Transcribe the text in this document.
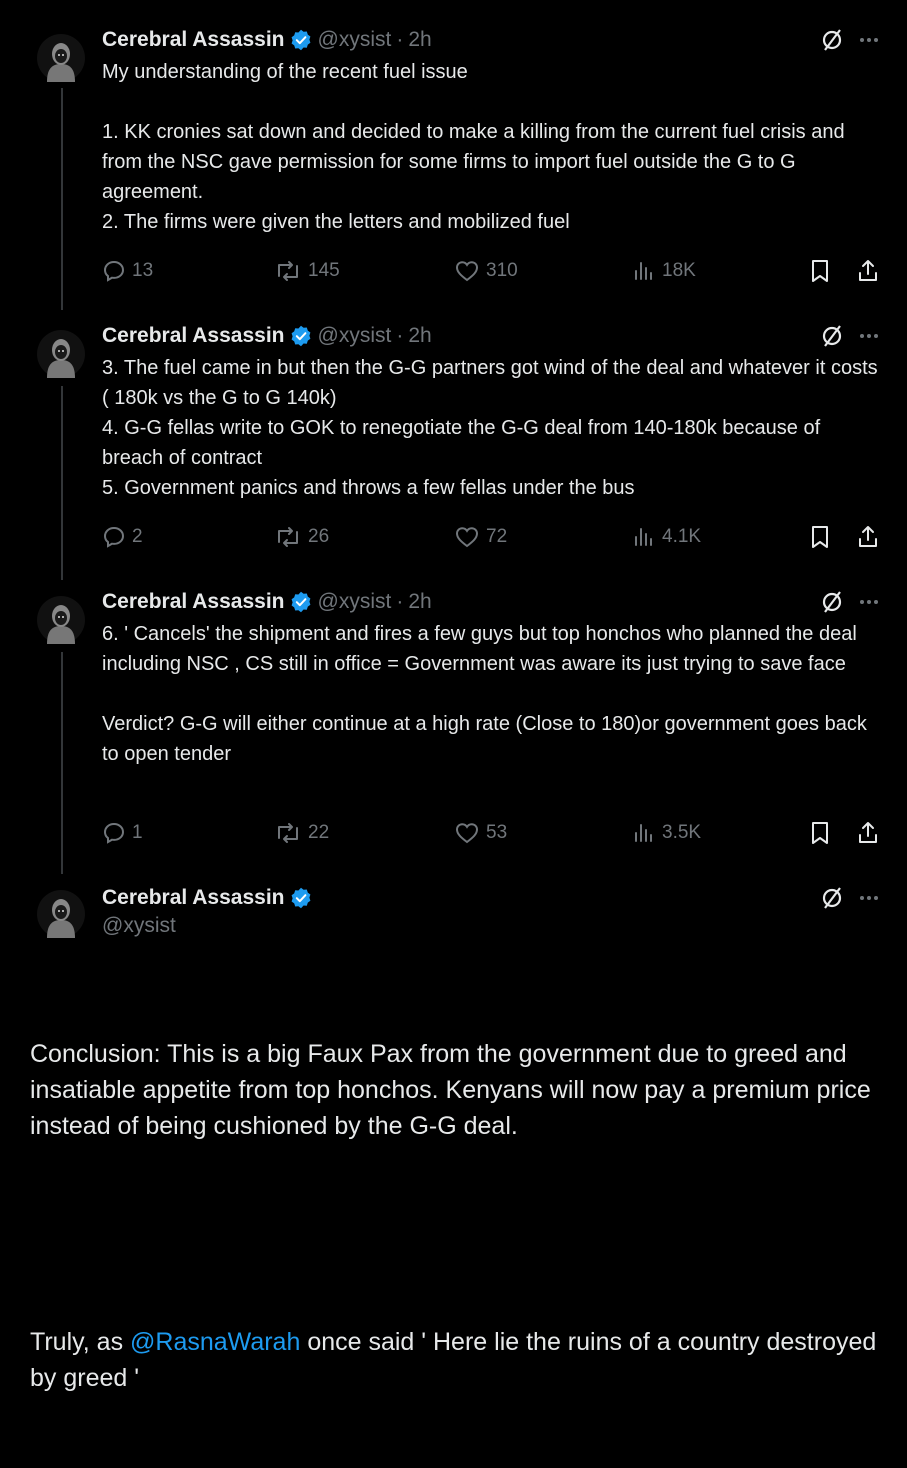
Cerebral Assassin @xysist · 2h
My understanding of the recent fuel issue

1. KK cronies sat down and decided to make a killing from the current fuel crisis and from the NSC gave permission for some firms to import fuel outside the G to G agreement.
2. The firms were given the letters and mobilized fuel
13	145	310	18K
Cerebral Assassin @xysist · 2h
3. The fuel came in but then the G-G partners got wind of the deal and whatever it costs ( 180k vs the G to G 140k)
4. G-G fellas write to GOK to renegotiate the G-G deal from 140-180k because of breach of contract
5. Government panics and throws a few fellas under the bus
2	26	72	4.1K
Cerebral Assassin @xysist · 2h
6. ' Cancels' the shipment and fires a few guys but top honchos who planned the deal including NSC , CS still in office = Government was aware its just trying to save face

Verdict? G-G will either continue at a high rate (Close to 180)or government goes back to open tender
1	22	53	3.5K
Cerebral Assassin
@xysist

Conclusion: This is a big Faux Pax from the government due to greed and insatiable appetite from top honchos. Kenyans will now pay a premium price instead of being cushioned by the G-G deal.

Truly, as @RasnaWarah once said ' Here lie the ruins of a country destroyed by greed '
